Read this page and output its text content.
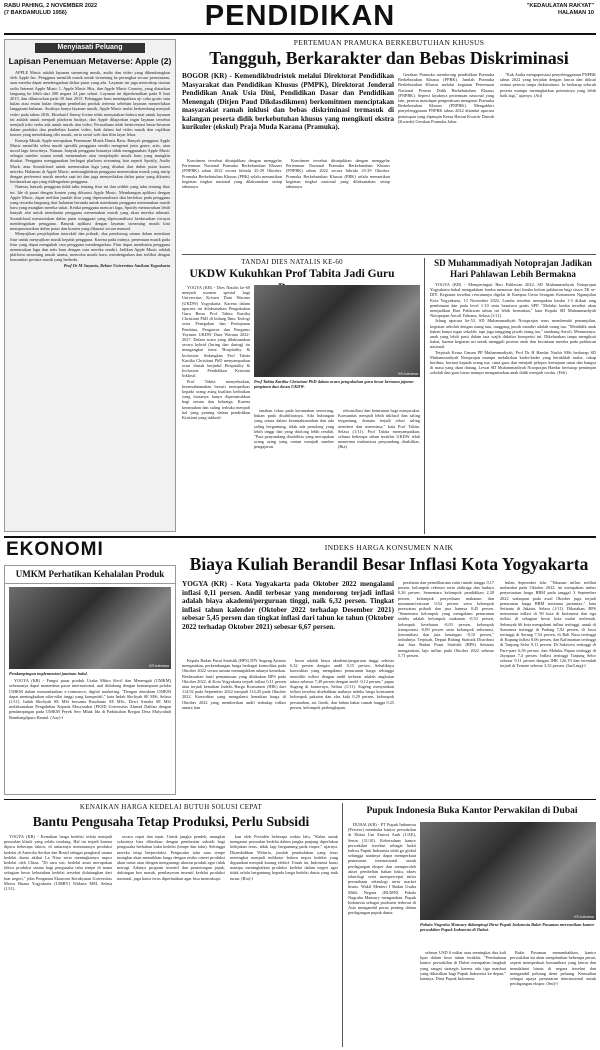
RABU PAHING, 2 NOVEMBER 2022
(7 BAKDAMULUD 1956)	PENDIDIKAN	"KEDAULATAN RAKYAT"
HALAMAN 10
Menyiasati Peluang
Lapisan Penemuan Metaverse: Apple (2)

APPLE Music adalah layanan streaming musik, audio dan video yang dikembangkan oleh Apple Inc. Pengguna memilih musik untuk streaming ke perangkat secara permintaan, atau mereka dapat mendengarkan daftar putar yang ada. Layanan ini juga mencakup stasiun radio Internet Apple Music 1, Apple Music Hits, dan Apple Music Country, yang disiarkan langsung ke lebih dari 200 negara 24 jam sehari. Layanan ini diperkenalkan pada 8 Juni 2015, dan diluncurkan pada 30 Juni 2015. Pelanggan baru mendapatkan uji coba gratis satu bulan atau enam bulan dengan pembelian produk tertentu sebelum layanan memerlukan langganan bulanan. Awalnya hanya layanan musik, Apple Music mulai berkembang menjadi video pada tahun 2016. Eksekutif Jimmy Iovine telah menyatakan bahwa niat untuk layanan ini adalah untuk menjadi platform budaya, dan Apple dilaporkan ingin layanan tersebut menjadi toko serba ada untuk musik dan video. Perusahaan telah berinvestasi besar-besaran dalam produksi dan pembelian konten video, baik dalam hal video musik dan cuplikan konser yang mendukung rilis musik, serta serial web dan film layar lebar.

Konsep Musik Apple merupakan Penemuan Musik Dunia Baru. Banyak pengguna Apple Music memiliki selera musik spesifik pengguna sendiri mengenai jenis genre, artis, atau mood lagu favoritnya. Namun, banyak pengguna biasanya tidak menggunakan Apple Music sebagai sumber utama untuk menemukan atau menjelajahi musik baru yang mungkin disukai. Pengguna menggunakan berbagai platform streaming lain seperti Spotify, Audio Mack, atau Soundcloud untuk menemukan lagu yang disukai dari daftar putar kurasi mereka. Halaman di Apple Music, memungkinkan pengguna menemukan musik yang mirip dengan preferensi musik mereka saat ini dan juga menyediakan daftar putar yang dikurasi berdasarkan apa yang didengarkan pengguna.

Namun, banyak pengguna tidak tahu tentang fitur ini dan sedikit yang tahu tentang fitur ini. Ide di pusat dengan konten yang dikurasi Apple Music. Membangun aplikasi dengan Apple Music, dapat melihat jumlah fitur yang dipersonalisasi dan berfokus pada pengguna yang tersedia langsung dari halaman beranda untuk membantu pengguna menemukan musik baru yang mungkin mereka sukai. Ketika pengguna mencari lagu, Spotify menawarkan lebih banyak alat untuk membantu pengguna menemukan musik yang akan mereka nikmati. Soundcloud menawarkan daftar putar mingguan yang dipersonalisasi berdasarkan riwayat mendengarkan pengguna. Banyak aplikasi dengan layanan streaming musik kini mempromosikan daftar putar dan konten yang dikurasi secara manual.

Menyajikan penjelajahan interaktif dan pribadi, dua pendorong utama dalam membuat fitur untuk menyajikan musik kepada pengguna. Karena pada intinya, penemuan musik pada fitur yang dapat mengubah cara pengguna mendengarkan. Fitur dapat membantu pengguna menemukan lagu dan artis baru dengan cara mereka sendiri. Jadikan Apple Music adalah platform streaming musik utama, mencoba musik baru, mendengarkan dan terlibat dengan komunitas pecinta musik yang berbeda.

Prof Dr M Suyanto, Rektor Universitas Amikom Yogyakarta

PERTEMUAN PRAMUKA BERKEBUTUHAN KHUSUS
Tangguh, Berkarakter dan Bebas Diskriminasi
BOGOR (KR) - Kemendikbudristek melalui Direktorat Pendidikan Masyarakat dan Pendidikan Khusus (PMPK), Direktorat Jenderal Pendidikan Anak Usia Dini, Pendidikan Dasar dan Pendidikan Menengah (Ditjen Paud Dikdasdikmen) berkomitmen menciptakan masyarakat ramah inklusi dan bebas diskriminasi termasuk di kalangan peserta didik berkebutuhan khusus yang mengikuti ekstra kurikuler (ekskul) Praja Muda Karana (Pramuka).

Komitmen tersebut ditunjukkan dengan menggelar Pertemuan Nasional Pramuka Berkebutuhan Khusus (PNPBK) tahun 2022 secara hibrida 25-29 Oktober. Pramuka Berkebutuhan Khusus (PBK) selalu menantikan kegiatan tingkat nasional yang dilaksanakan setiap tahunnya.

Komitmen tersebut ditunjukkan dengan menggelar Pertemuan Nasional Pramuka Berkebutuhan Khusus (PNPBK) tahun 2022 secara hibrida 25-29 Oktober. Pramuka Berkebutuhan Khusus (PBK) selalu menantikan kegiatan tingkat nasional yang dilaksanakan setiap tahunnya.

Gerakan Pramuka mendorong pendidikan Pramuka Berkebutuhan Khusus (PPBK). Jumlah Pramuka Berkebutuhan Khusus melalui kegiatan Pertemuan Nasional Peserta Didik Berkebutuhan Khusus (PNPBK). Seperti layaknya pertemuan nasional yang lain, peserta mendapat pengetahuan mengenai Pramuka Berkebutuhan Khusus (PNPBK). Mengakhiri penyelenggaraan PNPBK tahun 2022 ditandai upacara penutupan yang dipimpin Ketua Harian Kwartir Daerah (Kwarda) Gerakan Pramuka Jabar.

"Kak Atalia mengapresiasi penyelenggaraan PNPBK tahun 2022 yang berjalan dengan lancar dan diikuti semua peserta tanpa diskriminasi. Ia berharap seluruh peserta mampu meningkatkan potensinya yang lebih baik lagi," ujarnya. (Ati)

TANDAI DIES NATALIS KE-60
UKDW Kukuhkan Prof Tabita Jadi Guru

YOGYA (KR) - Dies Natalis ke-60 menjadi momen spesial bagi Universitas Kristen Duta Wacana (UKDW) Yogyakarta. Karena dalam upacara ini dilaksanakan Pengukuhan Guru Besar Prof Tabita Kartika Christiani PhD di bidang Ilmu Teologi serta Penegakan dan Peninjauan Pembina, Pengawas dan Pengurus Yayasan UKDW Duta Wacana 2022-2027. Dalam acara yang dilaksanakan secara hybrid (luring dan daring) itu mengangkat tema 'Hospitality & Inclusion: Sedangkan Prof Tabita Kartika Christiani PhD menyampaikan orasi ilmiah berjudul Hospitality & Inclusion: Pendidikan Kristiani Inklusif.

Prof Tabita menyebutkan, keramahtamahan berarti memperluas kepada orang asing kualitas keibaikan yang biasanya hanya diperuntukkan bagi teman dan keluarga. Karena keramahan dan saling terbuka menjadi hal yang penting dalam pendidikan Kristiani yang inklusif.

KR-Istimewa
Prof Tabita Kartika Christiani PhD dalam acara pengukuhan guru besar bersama jajaran pimpinan dan dosen UKDW.

tanahan fokus pada keramahan seseorang, bukan pada disabilitasnya. Ada hubungan yang setara dalam keramahtamahan dan ada saling bergantung, tidak ada penolong yang lebih tinggi dan yang ditolong lebih rendah. "Para penyandang disabilitas yang merupakan orang asing yang rentan menjadi sumber pengajaran.

rekonsiliasi dan keintiman bagi masyarakat. Komunitas menjadi lebih inklusif dan saling tergantung, dimana terjadi relasi saling memberi dan menerima," kata Prof Tabita. Selasa (1/11). Prof Tabita menyampaikan, selama beberapa tahun terakhir UKDW telah menerima mahasiswa penyandang disabilitas. (Ria)

SD Muhammadiyah Notoprajan Jadikan Hari Pahlawan Lebih Bermakna

YOGYA (KR) - Memperingati Hari Pahlawan 2022, SD Muhammadiyah Notoprajan Yogyakarta bakal mengadakan lomba menawar dari lomba kolom pahlawan bagi siswa TK se-DIY. Kegiatan tersebut rencananya digelar di Kampus Umia Seragam Kemantren Ngampilan Kota Yogyakarta, 13 November 2022. Lomba tersebut merupakan lomba 1-3 diikuti tang pembinaan dan pada level 1-10 serta beasiswa gratis SPP. "Melalui lomba tersebut akan menjadikan Hari Pahlawan tahun ini lebih bermakna," kata Kepala SD Muhammadiyah Notoprajan Aerofi Yahoma, Selasa (1/11).

Jelang upacara ke-53, SD Muhammadiyah Notoprajan terus membenahi penampilan, kegiatan sekolah dengan ruang tata, tanggung jawab mandiri adalah orang tua. "Mendidik anak bukan hanya tugas sekolah, tapi juga tanggung jawab orang tua," sambung Aerofi. Menurutnya, anak yang lebih pasti dalam tata wajib didaftar kompetisi ini. Dikeluarkan tanpa mengikuti bakat, karena kegiatan ini untuk menggali potensi anak dan kecintaan mereka pada pahlawan nasional.

Terpisah Ketua Umum PP Muhammadiyah, Prof Dr H Haedar Nashir MSi berharap SD Muhammadiyah Notoprajan mampu melahirkan kader-kader yang berakhlak mulia, cakap berilmu, hormat kepada orang tua, cinta guru dan menjadi pelopor kemajuan umat dan bangsa di masa yang akan datang. Lewat SD Muhammadiyah Notoprajan Haedar berharap pemimpin sekolah dan guru harus mampu mengantarkan anak didik menjadi cerdas. (Feb)

EKONOMI
UMKM Perhatikan Kehalalan Produk
KR-Istimewa
Pendampingan implementasi jaminan halal.

YOGYA (KR) - Fungsi pasar produk Usaha Mikro Kecil dan Menengah (UMKM) sebenarnya dapat menembus pasar internasional, asal didukung dengan kemampuan pelaku UMKM dalam memanfaatkan e-commerce, digital marketing. "Dengan demikian UMKM dapat meningkatkan nilai-nilai tinggi yang kompetitif," kata Indah Shofiyah SE MSi, Selasa (1/11). Indah Shofiyah SE MSi bersama Rusdianto SE MSc, Dewi Amalia SE MSi melaksanakan Pengabdian Kepada Masyarakat (PKM) Universitas Ahmad Dahlan dengan pendampingan pada UMKM Peyek Serr Mbak Ida di Padukuhan Bregan Desa Mulyodadi Bambanglipuro Bantul. (Aay)-f

INDEKS HARGA KONSUMEN NAIK
Biaya Kuliah Berandil Besar Inflasi Kota Yogyakarta
YOGYA (KR) - Kota Yogyakarta pada Oktober 2022 mengalami inflasi 0,11 persen. Andil terbesar yang mendorong terjadi inflasi adalah biaya akademi/perguruan tinggi, naik 6,32 persen. Tingkat inflasi tahun kalender (Oktober 2022 terhadap Desember 2021) sebesar 5,45 persen dan tingkat inflasi dari tahun ke tahun (Oktober 2022 terhadap Oktober 2021) sebesar 6,67 persen.

Kepala Badan Pusat Statistik (BPS) DIY Sugeng Arianto mengatakan, perkembangan harga berbagai komoditas pada Oktober 2022 secara umum menunjukkan adanya kenaikan. Berdasarkan hasil pemantauan yang dilakukan BPS pada Oktober 2022, di Kota Yogyakarta terjadi inflasi 0,11 persen atau terjadi kenaikan Indeks Harga Konsumen (IHK) dari 114,92 pada September 2022 menjadi 114,45 pada Oktober 2022. Komoditas yang mengalami kenaikan harga di Oktober 2022 yang memberikan andil terhadap inflasi antara lain

besar adalah biaya akademi/perguruan tinggi sebesar 6,32 persen dengan andil 0,15 persen. Sebaliknya komoditas yang mengalami penurunan harga sehingga memiliki inflasi dengan andil terbesar adalah angkutan udara sebesar 7,49 persen dengan andil -0,12 persen," papar Sugeng di kantornya, Selasa (1/11). Sugeng menyatakan inflasi tersebut disebabkan naiknya indeks harga konsumen kelompok pakaian dan alas kaki 0,29 persen, kelompok perumahan, air, listrik, dan bahan bakar rumah tangga 0,25 persen, kelompok perlengkapan,

peralatan dan pemeliharaan rutin rumah tangga 0,17 persen, kelompok rekreasi serta olahraga dan budaya 0,26 persen. Sementara kelompok pendidikan 2,28 persen, kelompok penyediaan makanan dan minuman/restoran 0,54 persen serta kelompok perawatan pribadi dan jasa lainnya 0,45 persen. "Sementara kelompok yang mengalami penurunan indeks adalah kelompok makanan -0,53 persen, kelompok kesehatan -0,03 persen, kelompok transportasi -0,89 persen serta kelompok informasi, komunikasi dan jasa keuangan -0,10 persen," imbuhnya. Terpisah, Deputi Bidang Statistik Distribusi dan Jasa Badan Pusat Statistik (BPS) Setianto mengatakan, laju inflasi pada Oktober 2022 sebesar 5,71 persen.

bulan September lalu. "Tekanan inflasi terlihat melambat pada Oktober 2022, ini merupakan imbas penyesuaian harga BBM pada tanggal 3 September 2022 walaupun pada awal Oktober juga terjadi penurunan harga BBM terutama pertamax," kata Setianto di Jakarta, Selasa (1/11). Dikatakan, BPS memantau inflasi di 90 kota di Indonesia dan tiga inflasi di sebagian besar kota mulai melemah. Sebanyak 66 kota mengalami inflasi tertinggi, untuk di Sumatera tertinggi di Padang 7,92 persen, di Jawa tertinggi di Serang 7,54 persen, di Bali Nusa tertinggi di Kupang inflasi 8,06 persen, dan Kalimantan tertinggi di Tanjung Selor 9,11 persen. Di Sulawesi tertinggi di Pare-pare 6,56 persen, dan Maluku Papua tertinggi di Jayapura 7,4 persen. Inflasi tertinggi Tanjung Selor sebesar 9,11 persen dengan IHK 120,19 dan terendah terjadi di Ternate sebesar 3,32 persen. (Ira/Lmg)-f

KENAIKAN HARGA KEDELAI BUTUH SOLUSI CEPAT
Bantu Pengusaha Tetap Produksi, Perlu Subsidi

YOGYA (KR) - Kenaikan harga kedelai selalu menjadi persoalan klasik yang selalu terulang. Hal itu terjadi karena dipicu beberapa faktor, di antaranya menurunnya produksi kedelai di Amerika Serikat dan Brasil sebagai penghasil utama kedelai dunia akibat La Nina serta meningkatnya impor kedelai oleh China. "Di satu sisi, kedelai amat merupakan faktor produksi utama bagi pengusaha tahu tempe di mana sebagian besar kebutuhan kedelai tersebut didatangkan dari luar negeri," jelas Pengamat Ekonomi Kerakyatan Universitas Mercu Buana Yogyakarta (UMBY) Widarta MM, Selasa (1/11).

secara cepat dan tepat. Untuk jangka pendek, mungkin solusinya bisa diberikan dengan pemberian subsidi bagi pengusaha berbahan baku kedelai (tempe dan tahu). Sehingga mereka tetap berproduksi. Pengusaha tahu atau tempe mungkin akan menaikkan harga dengan resiko omset produksi akan turun atau dengan mengurangi ukuran produk agar tidak merugi. Adanya program insentif dan pemotongan pajak, dukungan bea masuk, pembayaran insentif kedelai produksi nasional, juga harus terus diperhatikan agar bisa mencukupi.

kan oleh Presiden beberapa waktu lalu. "Kalau untuk mengatasi persoalan kedelai dalam jangka panjang diperlukan kebijakan terus, tidak lagi bergantung pada impor," ujarnya. Ditambahkan Widarta, jumlah pendudukan yang terus meningkat menjadi indikator bahwa impor kedelai yang digunakan menjadi kurang efektif. Untuk itu, Indonesia harus mampu meningkatkan produksi kedelai dalam negeri agar tidak selalu bergantung kepada harga kedelai dunia yang naik turun. (Ria)-f

Pupuk Indonesia Buka Kantor Perwakilan di Dubai

DUBAI (KR) - PT Pupuk Indonesia (Persero) membuka kantor perwakilan di Dubai Uni Emirat Arab (UAE), Senin (31/10). Keberadaan kantor perwakilan tersebut sebagai bukti bahwa Pupuk Indonesia telah go global sehingga nantinya dapat memperkuat pemasaran internasional untuk perdagangan ekspor dan memperoleh akses pembelian bahan baku, akses teknologi serta mempercepat mitra perusahaan teknologi serta market bisnis. Wakil Menteri I Badan Usaha Milik Negara (BUMN) Pahala Nugraha Mansury mengatakan, Pupuk Indonesia sebagai produsen terbesar di Asia mengambil peran penting dalam perdagangan pupuk dunia.

KR-Istimewa
Pahala Nugraha Mansury didampingi Dirut Pupuk Indonesia Bakir Pasaman meresmikan kantor perwakilan Pupuk Indonesia di Dubai.

sebesar USD 6 miliar atau meningkat dua kali lipat dalam lima tahun terakhir. "Pembukaan kantor perwakilan di Dubai merupakan langkah yang sangat strategis karena ada tiga manfaat yang dihasilkan bagi Pupuk Indonesia ke depan," katanya. Dirut Pupuk Indonesia

Bakir Pasaman menambahkan, kantor perwakilan ini akan menjalankan beberapa peran, seperti memperkuat komunikasi yang lancar dan mendalami bisnis di negara tersebut dan mengambil peluang demi peluang. Kemudian sebagai upaya pemasaran internasional untuk perdagangan ekspor. (Sni)-f
